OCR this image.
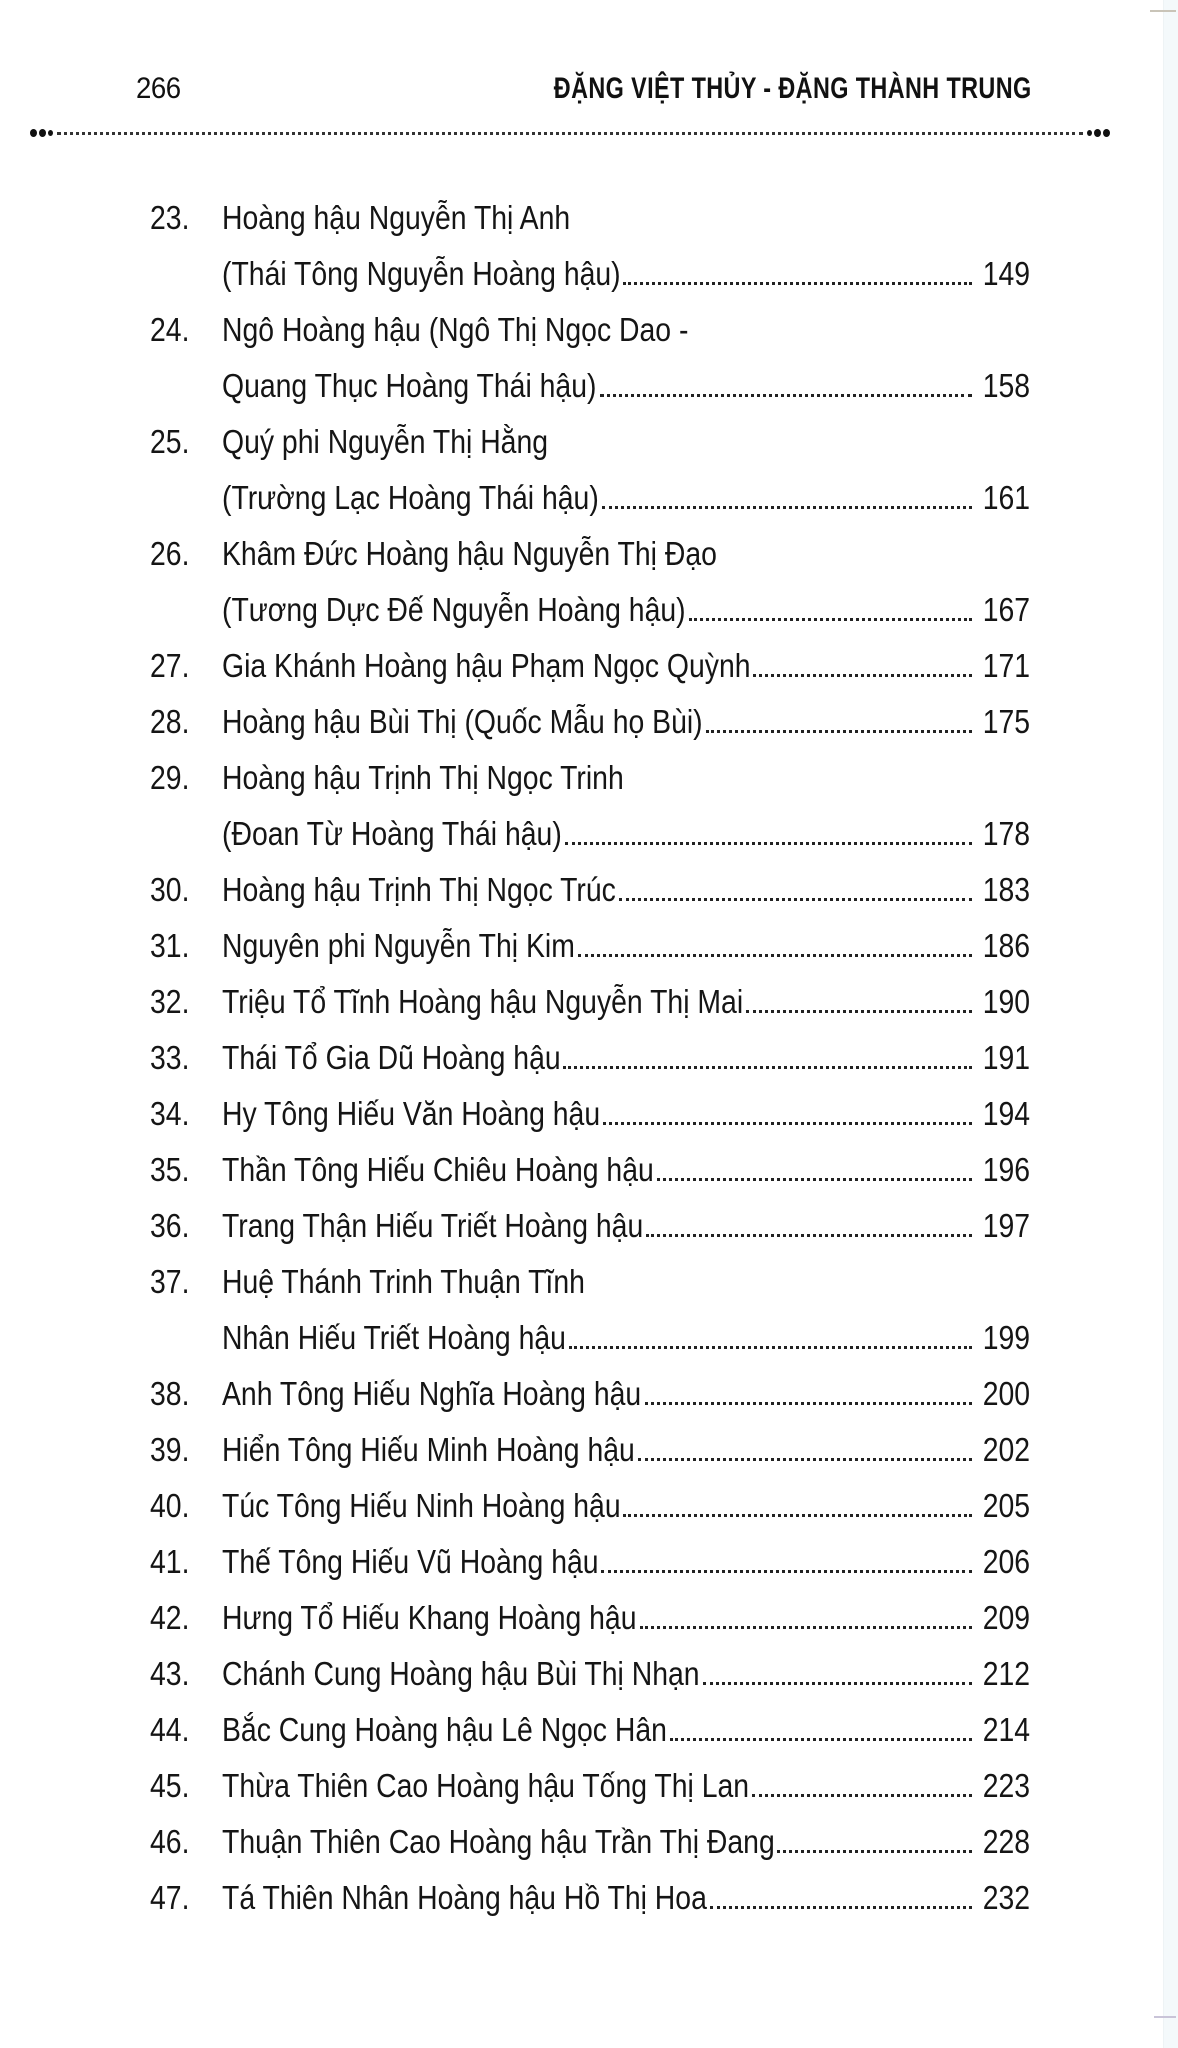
266	ĐẶNG VIỆT THỦY - ĐẶNG THÀNH TRUNG
23. Hoàng hậu Nguyễn Thị Anh
(Thái Tông Nguyễn Hoàng hậu)	149
24. Ngô Hoàng hậu (Ngô Thị Ngọc Dao -
Quang Thục Hoàng Thái hậu)	158
25. Quý phi Nguyễn Thị Hằng
(Trường Lạc Hoàng Thái hậu)	161
26. Khâm Đức Hoàng hậu Nguyễn Thị Đạo
(Tương Dực Đế Nguyễn Hoàng hậu)	167
27. Gia Khánh Hoàng hậu Phạm Ngọc Quỳnh	171
28. Hoàng hậu Bùi Thị (Quốc Mẫu họ Bùi)	175
29. Hoàng hậu Trịnh Thị Ngọc Trinh
(Đoan Từ Hoàng Thái hậu)	178
30. Hoàng hậu Trịnh Thị Ngọc Trúc	183
31. Nguyên phi Nguyễn Thị Kim	186
32. Triệu Tổ Tĩnh Hoàng hậu Nguyễn Thị Mai	190
33. Thái Tổ Gia Dũ Hoàng hậu	191
34. Hy Tông Hiếu Văn Hoàng hậu	194
35. Thần Tông Hiếu Chiêu Hoàng hậu	196
36. Trang Thận Hiếu Triết Hoàng hậu	197
37. Huệ Thánh Trinh Thuận Tĩnh
Nhân Hiếu Triết Hoàng hậu	199
38. Anh Tông Hiếu Nghĩa Hoàng hậu	200
39. Hiển Tông Hiếu Minh Hoàng hậu	202
40. Túc Tông Hiếu Ninh Hoàng hậu	205
41. Thế Tông Hiếu Vũ Hoàng hậu	206
42. Hưng Tổ Hiếu Khang Hoàng hậu	209
43. Chánh Cung Hoàng hậu Bùi Thị Nhạn	212
44. Bắc Cung Hoàng hậu Lê Ngọc Hân	214
45. Thừa Thiên Cao Hoàng hậu Tống Thị Lan	223
46. Thuận Thiên Cao Hoàng hậu Trần Thị Đang	228
47. Tá Thiên Nhân Hoàng hậu Hồ Thị Hoa	232
